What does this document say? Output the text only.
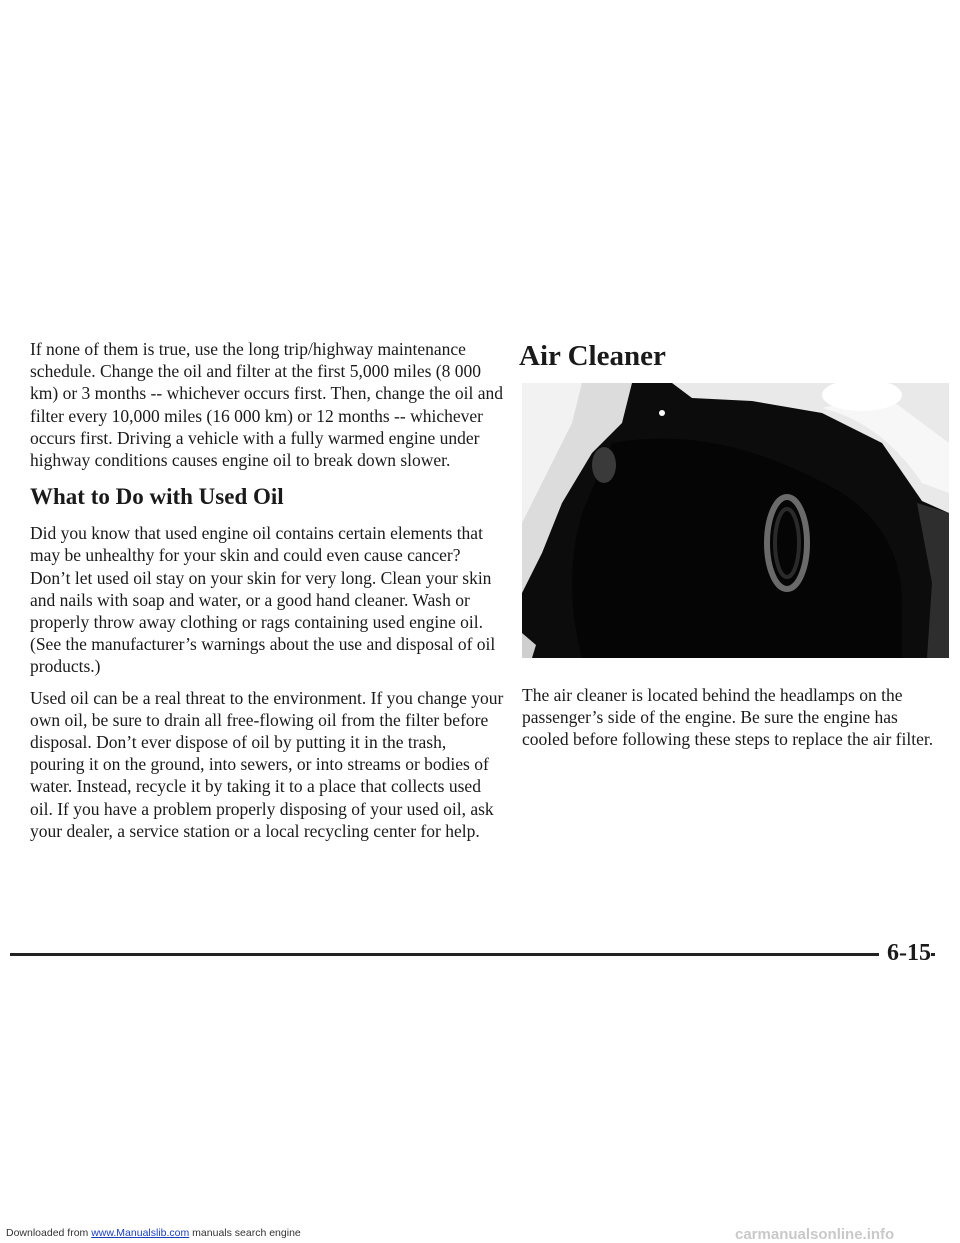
If none of them is true, use the long trip/highway maintenance schedule. Change the oil and filter at the first 5,000 miles (8 000 km) or 3 months -- whichever occurs first. Then, change the oil and filter every 10,000 miles (16 000 km) or 12 months -- whichever occurs first. Driving a vehicle with a fully warmed engine under highway conditions causes engine oil to break down slower.

What to Do with Used Oil

Did you know that used engine oil contains certain elements that may be unhealthy for your skin and could even cause cancer? Don’t let used oil stay on your skin for very long. Clean your skin and nails with soap and water, or a good hand cleaner. Wash or properly throw away clothing or rags containing used engine oil. (See the manufacturer’s warnings about the use and disposal of oil products.)

Used oil can be a real threat to the environment. If you change your own oil, be sure to drain all free-flowing oil from the filter before disposal. Don’t ever dispose of oil by putting it in the trash, pouring it on the ground, into sewers, or into streams or bodies of water. Instead, recycle it by taking it to a place that collects used oil. If you have a problem properly disposing of your used oil, ask your dealer, a service station or a local recycling center for help.

Air Cleaner

The air cleaner is located behind the headlamps on the passenger’s side of the engine. Be sure the engine has cooled before following these steps to replace the air filter.

6-15
Downloaded from www.Manualslib.com manuals search engine	carmanualsonline.info
